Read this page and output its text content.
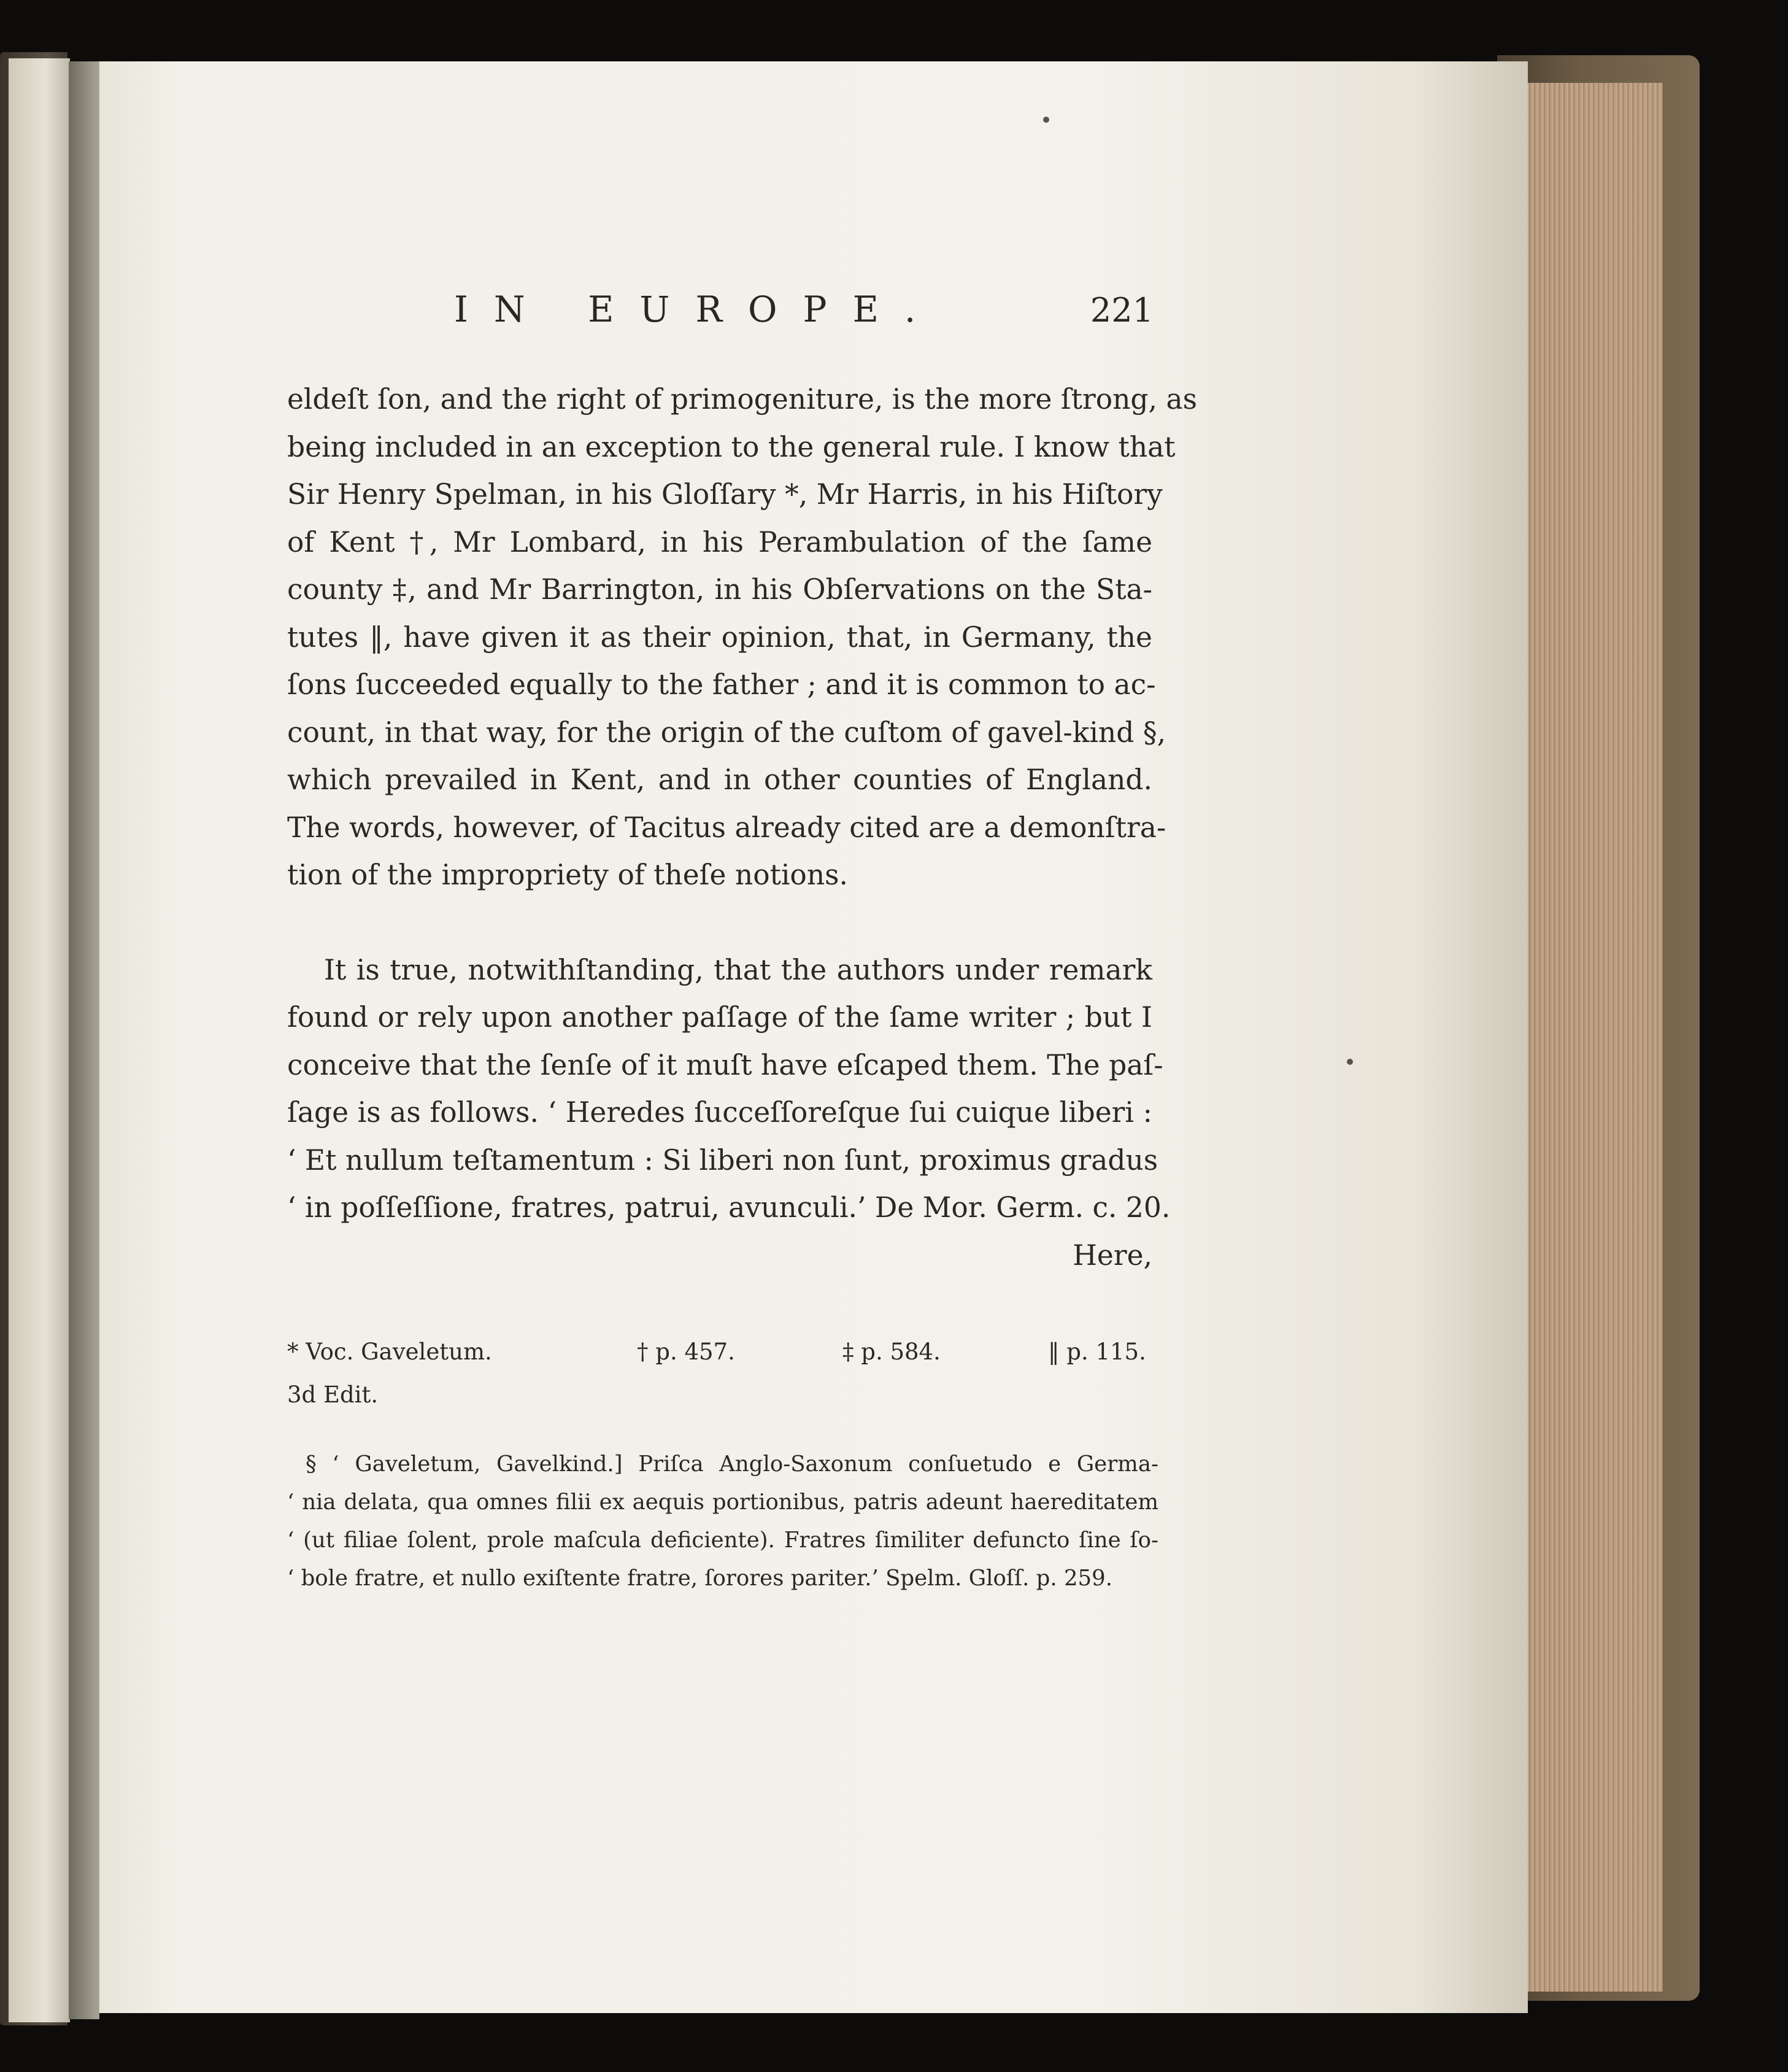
IN EUROPE.	221
eldeſt ſon, and the right of primogeniture, is the more ſtrong, as
being included in an exception to the general rule. I know that
Sir Henry Spelman, in his Gloſſary *, Mr Harris, in his Hiſtory
of Kent †, Mr Lombard, in his Perambulation of the ſame
county ‡, and Mr Barrington, in his Obſervations on the Sta-
tutes ‖, have given it as their opinion, that, in Germany, the
ſons ſucceeded equally to the father ; and it is common to ac-
count, in that way, for the origin of the cuſtom of gavel-kind §,
which prevailed in Kent, and in other counties of England.
The words, however, of Tacitus already cited are a demonſtra-
tion of the impropriety of theſe notions.
It is true, notwithſtanding, that the authors under remark
found or rely upon another paſſage of the ſame writer ; but I
conceive that the ſenſe of it muſt have eſcaped them. The paſ-
ſage is as follows. ‘ Heredes ſucceſſoreſque ſui cuique liberi :
‘ Et nullum teſtamentum : Si liberi non ſunt, proximus gradus
‘ in poſſeſſione, fratres, patrui, avunculi.’ De Mor. Germ. c. 20.
Here,
* Voc. Gaveletum.	† p. 457.	‡ p. 584.	‖ p. 115.
3d Edit.
§ ‘ Gaveletum, Gavelkind.] Priſca Anglo-Saxonum conſuetudo e Germa-
‘ nia delata, qua omnes filii ex aequis portionibus, patris adeunt haereditatem
‘ (ut filiae ſolent, prole maſcula deficiente). Fratres ſimiliter defuncto ſine ſo-
‘ bole fratre, et nullo exiſtente fratre, ſorores pariter.’ Spelm. Gloſſ. p. 259.
